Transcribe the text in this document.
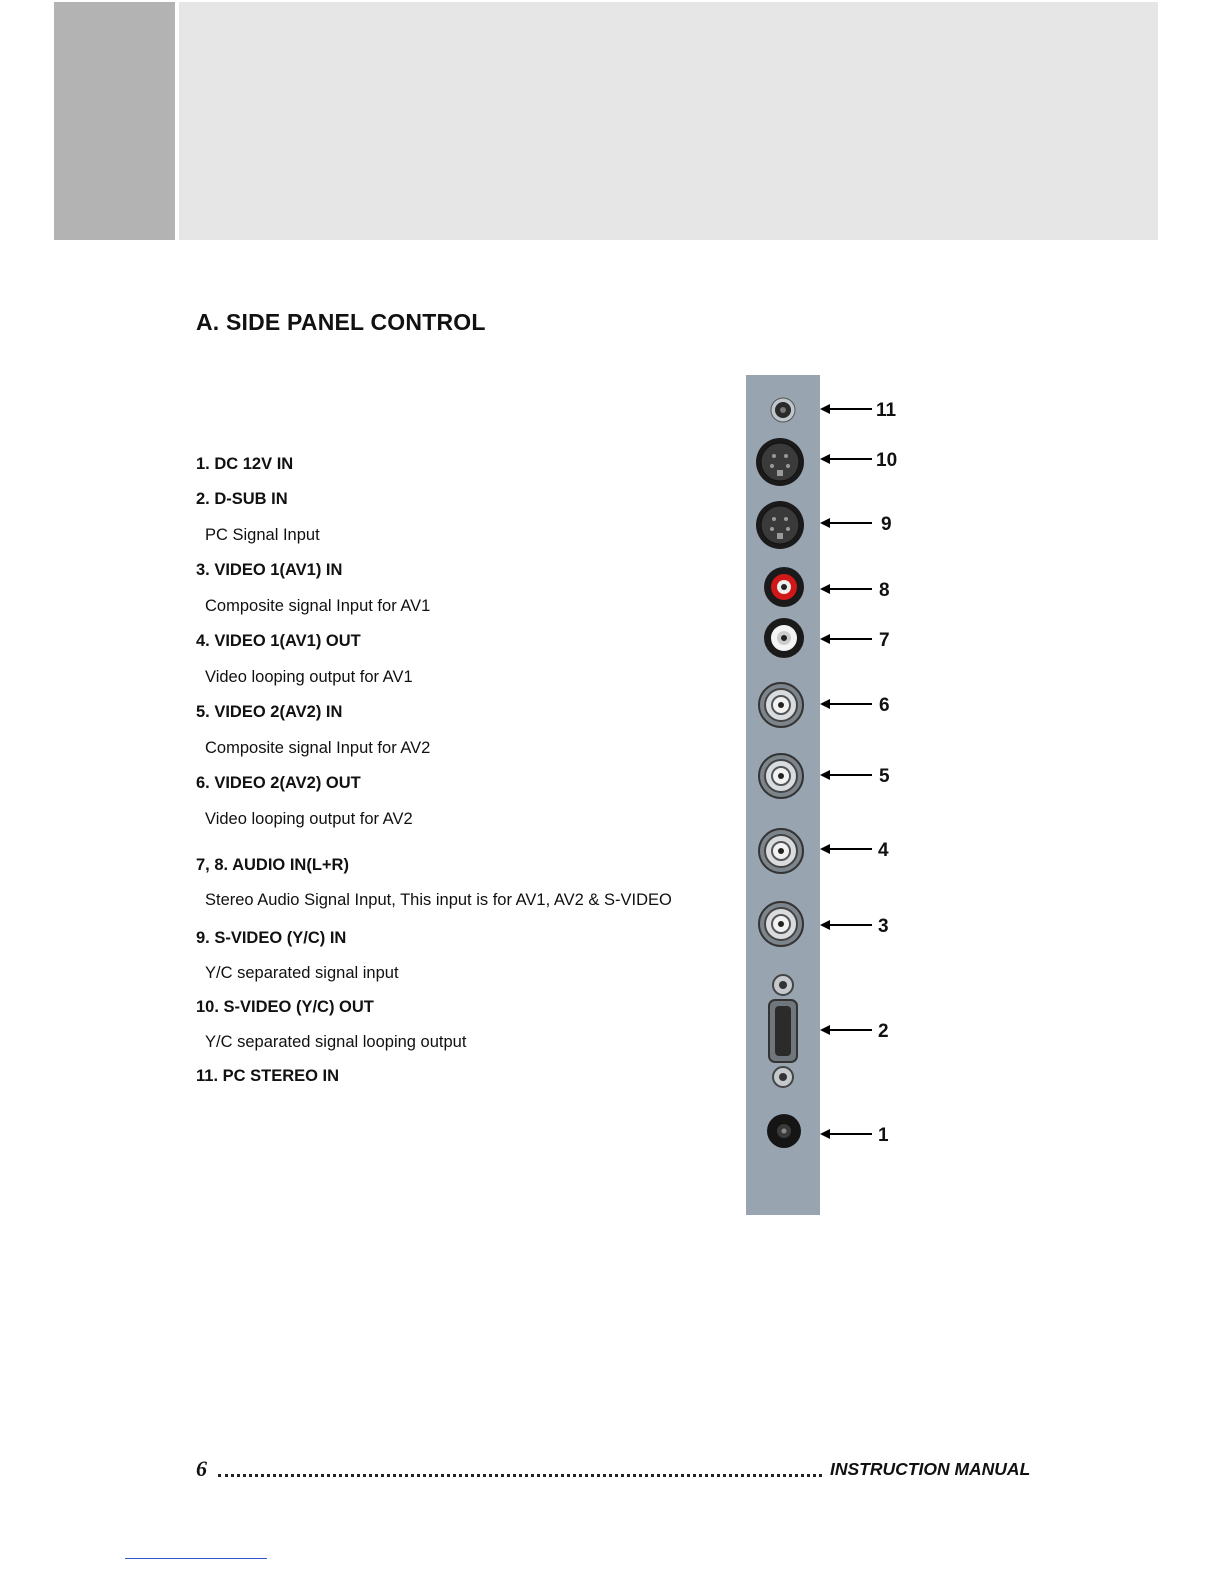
A. SIDE PANEL CONTROL
1. DC 12V IN
2. D-SUB IN
PC Signal Input
3. VIDEO 1(AV1) IN
Composite signal Input for AV1
4. VIDEO 1(AV1) OUT
Video looping output for AV1
5. VIDEO 2(AV2) IN
Composite signal Input for AV2
6. VIDEO 2(AV2) OUT
Video looping output for AV2
7, 8. AUDIO IN(L+R)
Stereo Audio Signal Input, This input is for AV1, AV2 & S-VIDEO
9. S-VIDEO (Y/C) IN
Y/C separated signal input
10. S-VIDEO (Y/C) OUT
Y/C separated signal looping output
11. PC STEREO IN
11
10
9
8
7
6
5
4
3
2
1
6	INSTRUCTION MANUAL
